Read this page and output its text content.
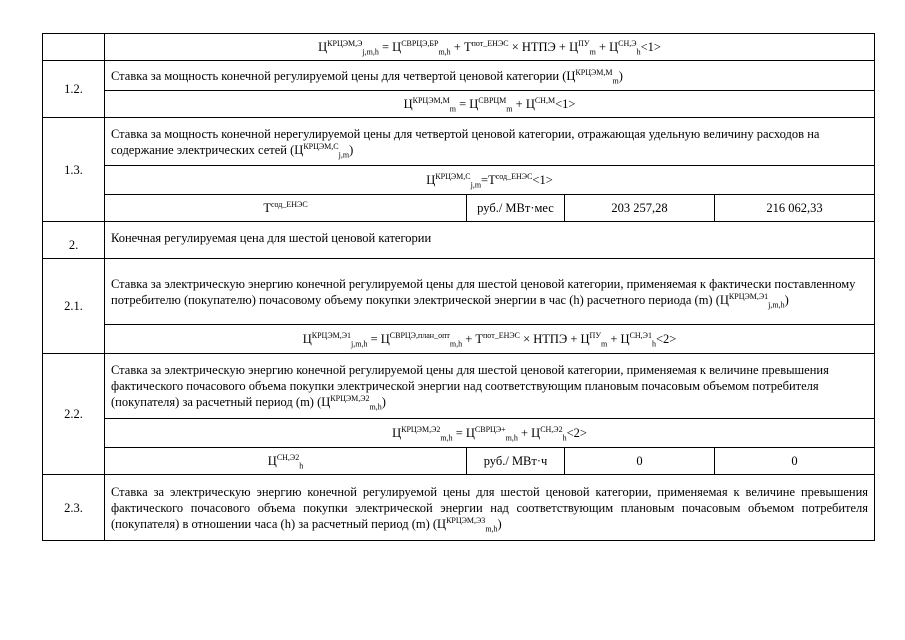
	$Ц^{КРЦЭМ,Э}_{j,m,h} = Ц^{СВРЦЭ,БР}_{m,h} + Т^{пот\_ЕНЭС}$ × НТПЭ + $Ц^{ПУ}_m + Ц^{СН,Э}_h<1>$			
1.2.	Ставка за мощность конечной регулируемой цены для четвертой ценовой категории $(Ц^{КРЦЭМ,М}_m)$			
	$Ц^{КРЦЭМ,М}_m = Ц^{СВРЦМ}_m + Ц^{СН,М}<1>$			
1.3.	Ставка за мощность конечной нерегулируемой цены для четвертой ценовой категории, отражающая удельную величину расходов на содержание электрических сетей $(Ц^{КРЦЭМ,С}_{j,m})$			
	$Ц^{КРЦЭМ,С}_{j,m}=Т^{сод\_ЕНЭС}<1>$			
	$Т^{сод\_ЕНЭС}$	руб./ МВт·мес	203 257,28	216 062,33
2.	Конечная регулируемая цена для шестой ценовой категории			
2.1.	Ставка за электрическую энергию конечной регулируемой цены для шестой ценовой категории, применяемая к фактически поставленному потребителю (покупателю) почасовому объему покупки электрической энергии в час (h) расчетного периода (m) $(Ц^{КРЦЭМ,Э1}_{j,m,h})$			
	$Ц^{КРЦЭМ,Э1}_{j,m,h} = Ц^{СВРЦЭ,план\_опт}_{m,h} + Т^{пот\_ЕНЭС}$ × НТПЭ + $Ц^{ПУ}_m + Ц^{СН,Э1}_h<2>$			
2.2.	Ставка за электрическую энергию конечной регулируемой цены для шестой ценовой категории, применяемая к величине превышения фактического почасового объема покупки электрической энергии над соответствующим плановым почасовым объемом потребителя (покупателя) за расчетный период (m) $(Ц^{КРЦЭМ,Э2}_{m,h})$			
	$Ц^{КРЦЭМ,Э2}_{m,h} = Ц^{СВРЦЭ+}_{m,h} + Ц^{СН,Э2}_h<2>$			
	$Ц^{СН,Э2}_h$	руб./ МВт·ч	0	0
2.3.	Ставка за электрическую энергию конечной регулируемой цены для шестой ценовой категории, применяемая к величине превышения фактического почасового объема покупки электрической энергии над соответствующим плановым почасовым объемом потребителя (покупателя) в отношении часа (h) за расчетный период (m) $(Ц^{КРЦЭМ,Э3}_{m,h})$			
